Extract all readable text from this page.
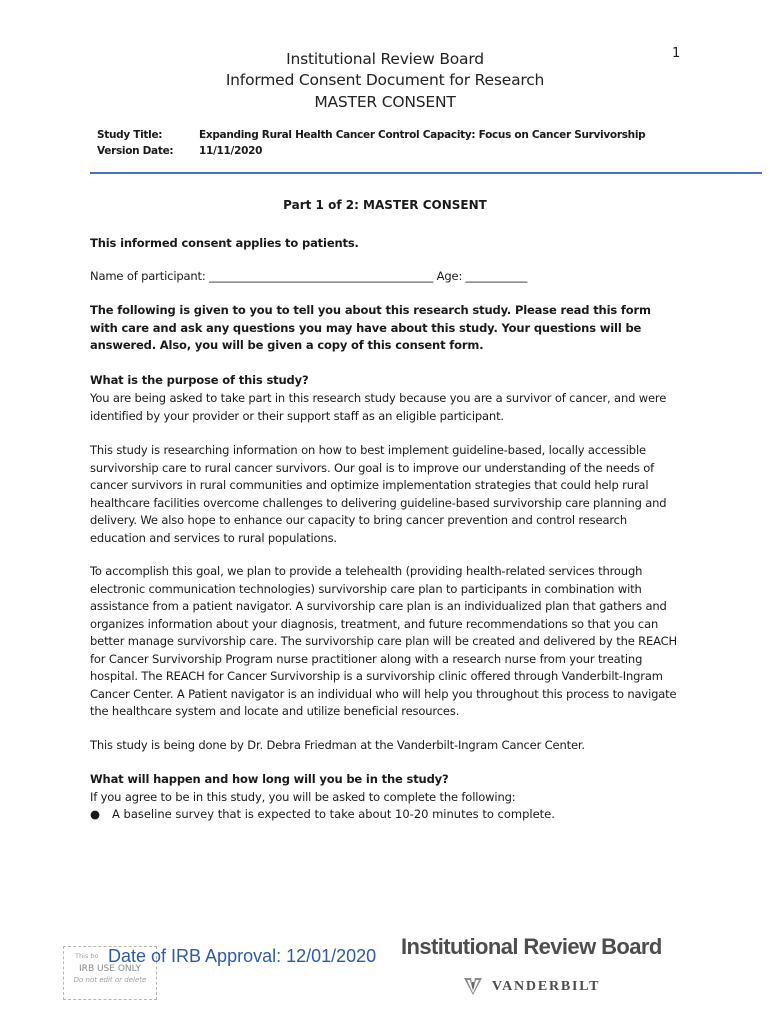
1
Institutional Review Board
Informed Consent Document for Research
MASTER CONSENT
Study Title:	Expanding Rural Health Cancer Control Capacity: Focus on Cancer Survivorship
Version Date: 11/11/2020
Part 1 of 2: MASTER CONSENT
This informed consent applies to patients.
Name of participant: ________________________________________ Age: ___________
The following is given to you to tell you about this research study. Please read this form with care and ask any questions you may have about this study. Your questions will be answered. Also, you will be given a copy of this consent form.
What is the purpose of this study?
You are being asked to take part in this research study because you are a survivor of cancer, and were identified by your provider or their support staff as an eligible participant.
This study is researching information on how to best implement guideline-based, locally accessible survivorship care to rural cancer survivors. Our goal is to improve our understanding of the needs of cancer survivors in rural communities and optimize implementation strategies that could help rural healthcare facilities overcome challenges to delivering guideline-based survivorship care planning and delivery. We also hope to enhance our capacity to bring cancer prevention and control research education and services to rural populations.
To accomplish this goal, we plan to provide a telehealth (providing health-related services through electronic communication technologies) survivorship care plan to participants in combination with assistance from a patient navigator. A survivorship care plan is an individualized plan that gathers and organizes information about your diagnosis, treatment, and future recommendations so that you can better manage survivorship care. The survivorship care plan will be created and delivered by the REACH for Cancer Survivorship Program nurse practitioner along with a research nurse from your treating hospital. The REACH for Cancer Survivorship is a survivorship clinic offered through Vanderbilt-Ingram Cancer Center. A Patient navigator is an individual who will help you throughout this process to navigate the healthcare system and locate and utilize beneficial resources.
This study is being done by Dr. Debra Friedman at the Vanderbilt-Ingram Cancer Center.
What will happen and how long will you be in the study?
If you agree to be in this study, you will be asked to complete the following:
●	A baseline survey that is expected to take about 10-20 minutes to complete.
This bo
IRB USE ONLY
Do not edit or delete
Date of IRB Approval: 12/01/2020 Institutional Review Board
VANDERBILT
